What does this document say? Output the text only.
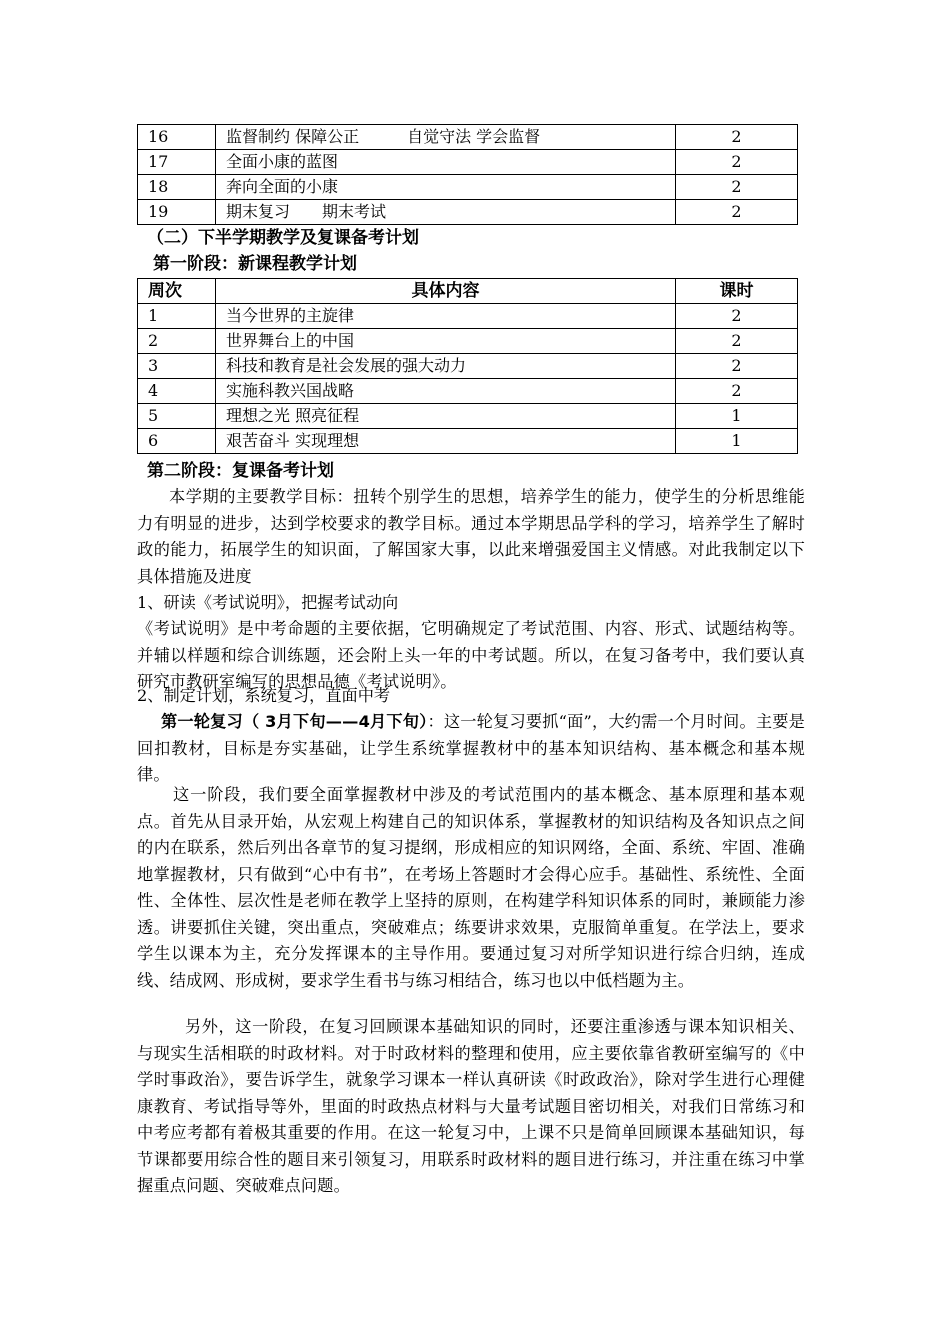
16	监督制约 保障公正　　　自觉守法 学会监督	2
17	全面小康的蓝图	2
18	奔向全面的小康	2
19	期末复习　　期末考试	2
（二）下半学期教学及复课备考计划
第一阶段：新课程教学计划
周次	具体内容	课时
1	当今世界的主旋律	2
2	世界舞台上的中国	2
3	科技和教育是社会发展的强大动力	2
4	实施科教兴国战略	2
5	理想之光 照亮征程	1
6	艰苦奋斗 实现理想	1
第二阶段：复课备考计划

本学期的主要教学目标：扭转个别学生的思想，培养学生的能力，使学生的分析思维能力有明显的进步，达到学校要求的教学目标。通过本学期思品学科的学习，培养学生了解时政的能力，拓展学生的知识面，了解国家大事，以此来增强爱国主义情感。对此我制定以下具体措施及进度

1、研读《考试说明》，把握考试动向

《考试说明》是中考命题的主要依据，它明确规定了考试范围、内容、形式、试题结构等。并辅以样题和综合训练题，还会附上头一年的中考试题。所以，在复习备考中，我们要认真研究市教研室编写的思想品德《考试说明》。

2、制定计划，系统复习，直面中考

第一轮复习（ 3月下旬——4月下旬）：这一轮复习要抓“面”，大约需一个月时间。主要是回扣教材，目标是夯实基础，让学生系统掌握教材中的基本知识结构、基本概念和基本规律。

这一阶段，我们要全面掌握教材中涉及的考试范围内的基本概念、基本原理和基本观点。首先从目录开始，从宏观上构建自己的知识体系，掌握教材的知识结构及各知识点之间的内在联系，然后列出各章节的复习提纲，形成相应的知识网络，全面、系统、牢固、准确地掌握教材，只有做到“心中有书”，在考场上答题时才会得心应手。基础性、系统性、全面性、全体性、层次性是老师在教学上坚持的原则，在构建学科知识体系的同时，兼顾能力渗透。讲要抓住关键，突出重点，突破难点；练要讲求效果，克服简单重复。在学法上，要求学生以课本为主，充分发挥课本的主导作用。要通过复习对所学知识进行综合归纳，连成线、结成网、形成树，要求学生看书与练习相结合，练习也以中低档题为主。

另外，这一阶段，在复习回顾课本基础知识的同时，还要注重渗透与课本知识相关、与现实生活相联的时政材料。对于时政材料的整理和使用，应主要依靠省教研室编写的《中学时事政治》，要告诉学生，就象学习课本一样认真研读《时政政治》，除对学生进行心理健康教育、考试指导等外，里面的时政热点材料与大量考试题目密切相关，对我们日常练习和中考应考都有着极其重要的作用。在这一轮复习中，上课不只是简单回顾课本基础知识，每节课都要用综合性的题目来引领复习，用联系时政材料的题目进行练习，并注重在练习中掌握重点问题、突破难点问题。
